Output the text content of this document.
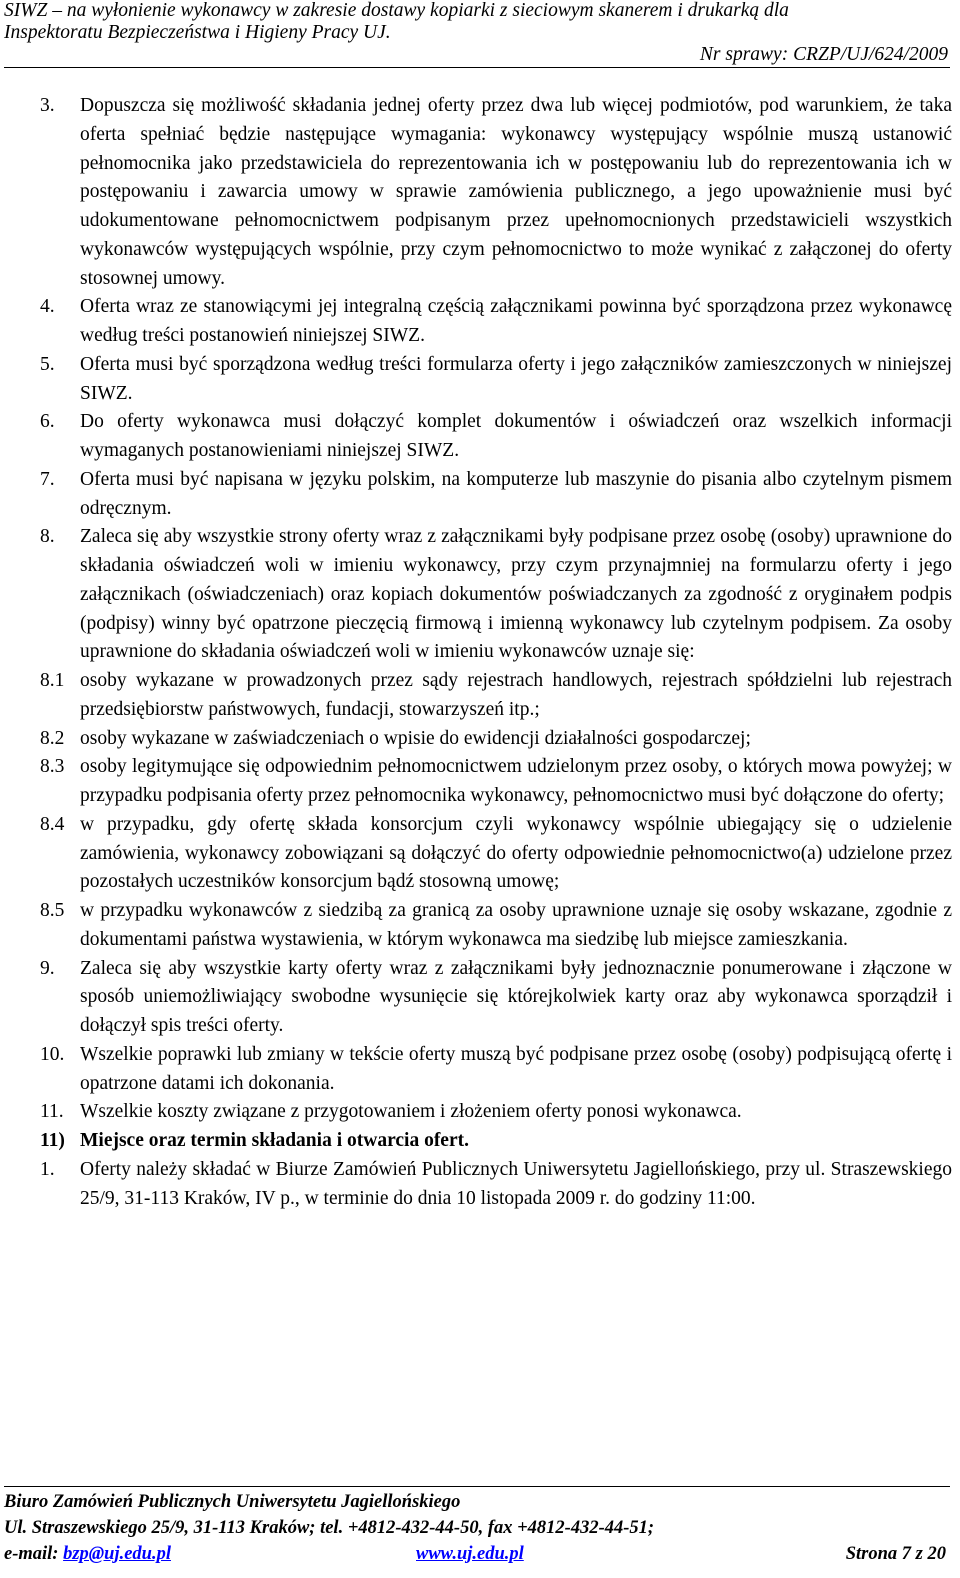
SIWZ – na wyłonienie wykonawcy w zakresie dostawy kopiarki z sieciowym skanerem i drukarką dla
Inspektoratu Bezpieczeństwa i Higieny Pracy UJ.
Nr sprawy: CRZP/UJ/624/2009
3. Dopuszcza się możliwość składania jednej oferty przez dwa lub więcej podmiotów, pod warunkiem, że taka oferta spełniać będzie następujące wymagania: wykonawcy występujący wspólnie muszą ustanowić pełnomocnika jako przedstawiciela do reprezentowania ich w postępowaniu lub do reprezentowania ich w postępowaniu i zawarcia umowy w sprawie zamówienia publicznego, a jego upoważnienie musi być udokumentowane pełnomocnictwem podpisanym przez upełnomocnionych przedstawicieli wszystkich wykonawców występujących wspólnie, przy czym pełnomocnictwo to może wynikać z załączonej do oferty stosownej umowy.
4. Oferta wraz ze stanowiącymi jej integralną częścią załącznikami powinna być sporządzona przez wykonawcę według treści postanowień niniejszej SIWZ.
5. Oferta musi być sporządzona według treści formularza oferty i jego załączników zamieszczonych w niniejszej SIWZ.
6. Do oferty wykonawca musi dołączyć komplet dokumentów i oświadczeń oraz wszelkich informacji wymaganych postanowieniami niniejszej SIWZ.
7. Oferta musi być napisana w języku polskim, na komputerze lub maszynie do pisania albo czytelnym pismem odręcznym.
8. Zaleca się aby wszystkie strony oferty wraz z załącznikami były podpisane przez osobę (osoby) uprawnione do składania oświadczeń woli w imieniu wykonawcy, przy czym przynajmniej na formularzu oferty i jego załącznikach (oświadczeniach) oraz kopiach dokumentów poświadczanych za zgodność z oryginałem podpis (podpisy) winny być opatrzone pieczęcią firmową i imienną wykonawcy lub czytelnym podpisem. Za osoby uprawnione do składania oświadczeń woli w imieniu wykonawców uznaje się:
8.1 osoby wykazane w prowadzonych przez sądy rejestrach handlowych, rejestrach spółdzielni lub rejestrach przedsiębiorstw państwowych, fundacji, stowarzyszeń itp.;
8.2 osoby wykazane w zaświadczeniach o wpisie do ewidencji działalności gospodarczej;
8.3 osoby legitymujące się odpowiednim pełnomocnictwem udzielonym przez osoby, o których mowa powyżej; w przypadku podpisania oferty przez pełnomocnika wykonawcy, pełnomocnictwo musi być dołączone do oferty;
8.4 w przypadku, gdy ofertę składa konsorcjum czyli wykonawcy wspólnie ubiegający się o udzielenie zamówienia, wykonawcy zobowiązani są dołączyć do oferty odpowiednie pełnomocnictwo(a) udzielone przez pozostałych uczestników konsorcjum bądź stosowną umowę;
8.5 w przypadku wykonawców z siedzibą za granicą za osoby uprawnione uznaje się osoby wskazane, zgodnie z dokumentami państwa wystawienia, w którym wykonawca ma siedzibę lub miejsce zamieszkania.
9. Zaleca się aby wszystkie karty oferty wraz z załącznikami były jednoznacznie ponumerowane i złączone w sposób uniemożliwiający swobodne wysunięcie się którejkolwiek karty oraz aby wykonawca sporządził i dołączył spis treści oferty.
10. Wszelkie poprawki lub zmiany w tekście oferty muszą być podpisane przez osobę (osoby) podpisującą ofertę i opatrzone datami ich dokonania.
11. Wszelkie koszty związane z przygotowaniem i złożeniem oferty ponosi wykonawca.
11) Miejsce oraz termin składania i otwarcia ofert.
1. Oferty należy składać w Biurze Zamówień Publicznych Uniwersytetu Jagiellońskiego, przy ul. Straszewskiego 25/9, 31-113 Kraków, IV p., w terminie do dnia 10 listopada 2009 r. do godziny 11:00.
Biuro Zamówień Publicznych Uniwersytetu Jagiellońskiego
Ul. Straszewskiego 25/9, 31-113 Kraków; tel. +4812-432-44-50, fax +4812-432-44-51;
e-mail: bzp@uj.edu.pl	www.uj.edu.pl	Strona 7 z 20
